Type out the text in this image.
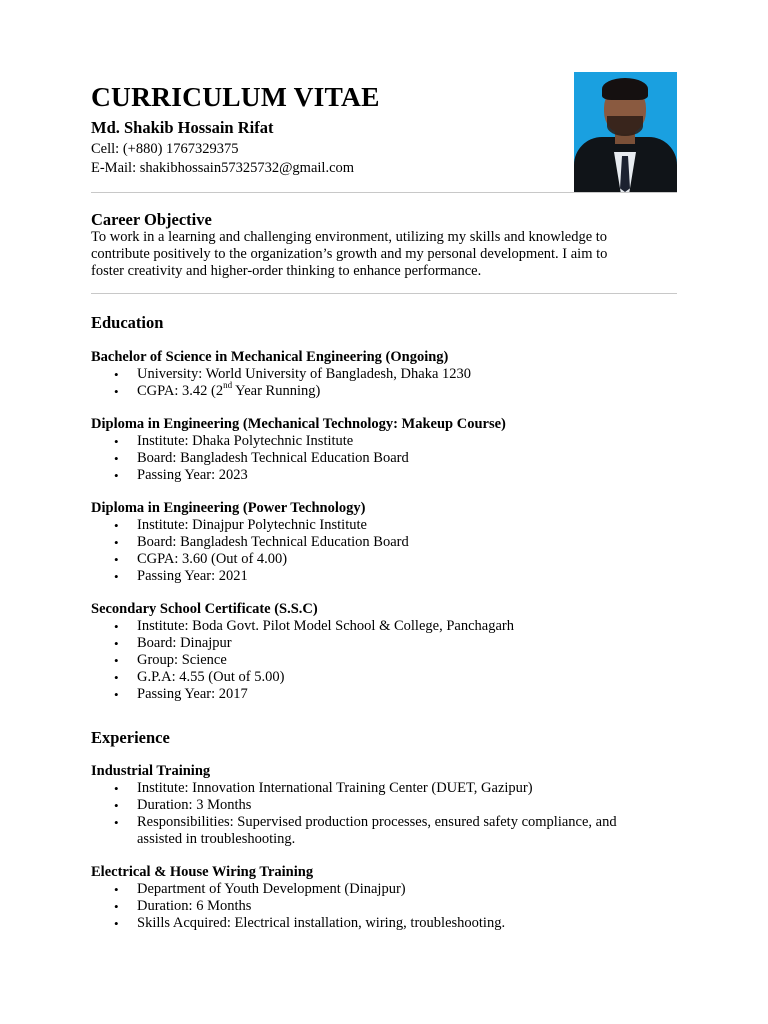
CURRICULUM VITAE
Md. Shakib Hossain Rifat
Cell: (+880) 1767329375
E-Mail: shakibhossain57325732@gmail.com
Career Objective
To work in a learning and challenging environment, utilizing my skills and knowledge to
contribute positively to the organization’s growth and my personal development. I aim to
foster creativity and higher-order thinking to enhance performance.
Education
Bachelor of Science in Mechanical Engineering (Ongoing)
• University: World University of Bangladesh, Dhaka 1230
• CGPA: 3.42 (2nd Year Running)
Diploma in Engineering (Mechanical Technology: Makeup Course)
• Institute: Dhaka Polytechnic Institute
• Board: Bangladesh Technical Education Board
• Passing Year: 2023
Diploma in Engineering (Power Technology)
• Institute: Dinajpur Polytechnic Institute
• Board: Bangladesh Technical Education Board
• CGPA: 3.60 (Out of 4.00)
• Passing Year: 2021
Secondary School Certificate (S.S.C)
• Institute: Boda Govt. Pilot Model School & College, Panchagarh
• Board: Dinajpur
• Group: Science
• G.P.A: 4.55 (Out of 5.00)
• Passing Year: 2017
Experience
Industrial Training
• Institute: Innovation International Training Center (DUET, Gazipur)
• Duration: 3 Months
• Responsibilities: Supervised production processes, ensured safety compliance, and assisted in troubleshooting.
Electrical & House Wiring Training
• Department of Youth Development (Dinajpur)
• Duration: 6 Months
• Skills Acquired: Electrical installation, wiring, troubleshooting.
